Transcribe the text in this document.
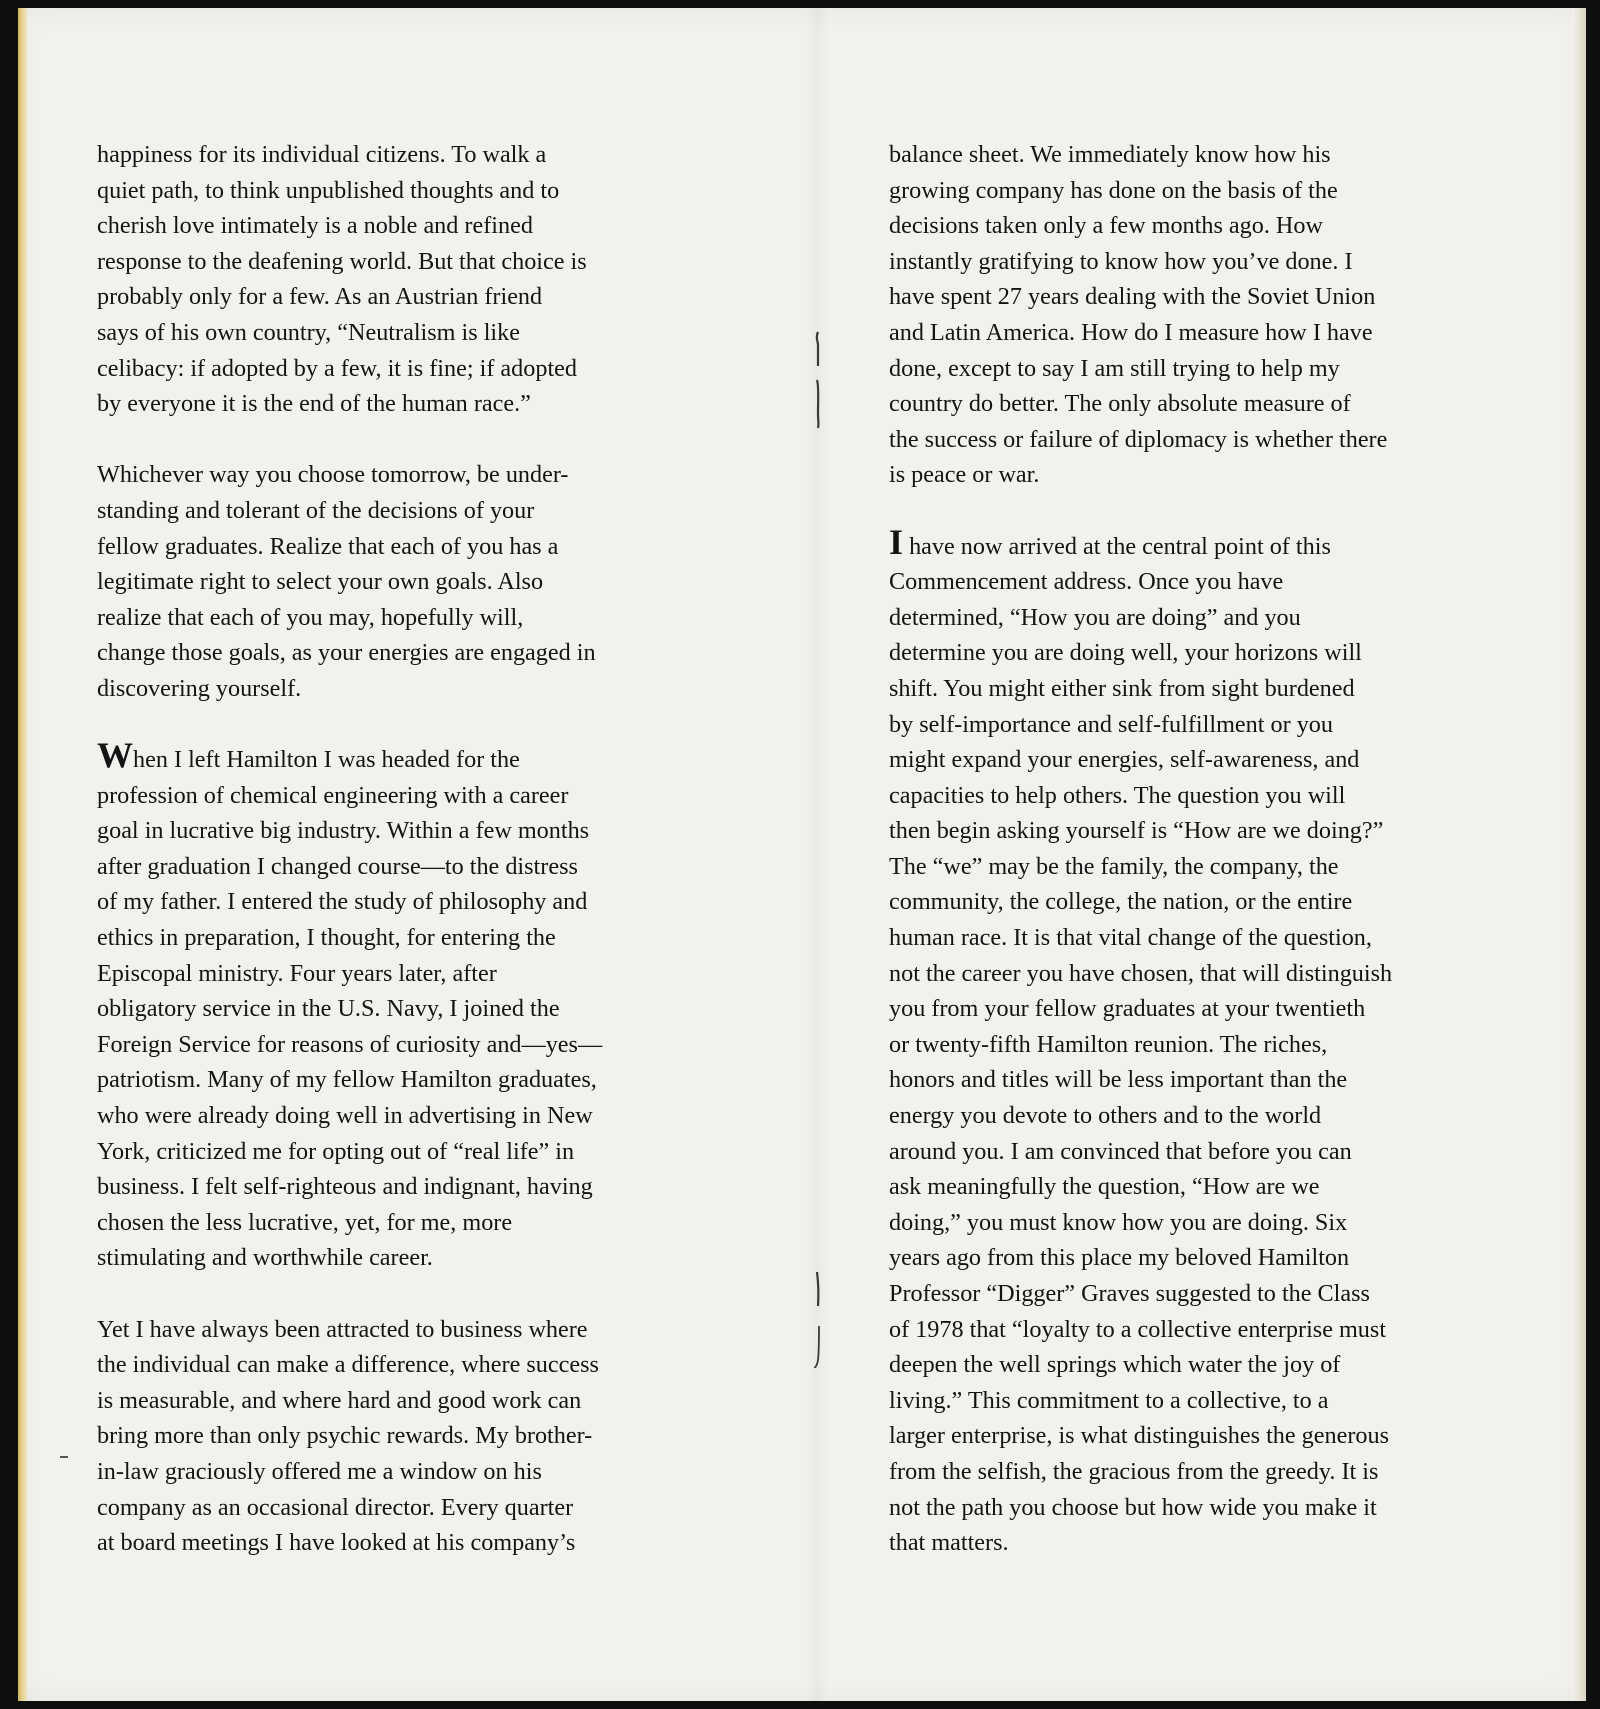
happiness for its individual citizens. To walk a
quiet path, to think unpublished thoughts and to
cherish love intimately is a noble and refined
response to the deafening world. But that choice is
probably only for a few. As an Austrian friend
says of his own country, “Neutralism is like
celibacy: if adopted by a few, it is fine; if adopted
by everyone it is the end of the human race.”

Whichever way you choose tomorrow, be under-
standing and tolerant of the decisions of your
fellow graduates. Realize that each of you has a
legitimate right to select your own goals. Also
realize that each of you may, hopefully will,
change those goals, as your energies are engaged in
discovering yourself.

When I left Hamilton I was headed for the
profession of chemical engineering with a career
goal in lucrative big industry. Within a few months
after graduation I changed course—to the distress
of my father. I entered the study of philosophy and
ethics in preparation, I thought, for entering the
Episcopal ministry. Four years later, after
obligatory service in the U.S. Navy, I joined the
Foreign Service for reasons of curiosity and—yes—
patriotism. Many of my fellow Hamilton graduates,
who were already doing well in advertising in New
York, criticized me for opting out of “real life” in
business. I felt self-righteous and indignant, having
chosen the less lucrative, yet, for me, more
stimulating and worthwhile career.

Yet I have always been attracted to business where
the individual can make a difference, where success
is measurable, and where hard and good work can
bring more than only psychic rewards. My brother-
in-law graciously offered me a window on his
company as an occasional director. Every quarter
at board meetings I have looked at his company’s

balance sheet. We immediately know how his
growing company has done on the basis of the
decisions taken only a few months ago. How
instantly gratifying to know how you’ve done. I
have spent 27 years dealing with the Soviet Union
and Latin America. How do I measure how I have
done, except to say I am still trying to help my
country do better. The only absolute measure of
the success or failure of diplomacy is whether there
is peace or war.

I have now arrived at the central point of this
Commencement address. Once you have
determined, “How you are doing” and you
determine you are doing well, your horizons will
shift. You might either sink from sight burdened
by self-importance and self-fulfillment or you
might expand your energies, self-awareness, and
capacities to help others. The question you will
then begin asking yourself is “How are we doing?”
The “we” may be the family, the company, the
community, the college, the nation, or the entire
human race. It is that vital change of the question,
not the career you have chosen, that will distinguish
you from your fellow graduates at your twentieth
or twenty-fifth Hamilton reunion. The riches,
honors and titles will be less important than the
energy you devote to others and to the world
around you. I am convinced that before you can
ask meaningfully the question, “How are we
doing,” you must know how you are doing. Six
years ago from this place my beloved Hamilton
Professor “Digger” Graves suggested to the Class
of 1978 that “loyalty to a collective enterprise must
deepen the well springs which water the joy of
living.” This commitment to a collective, to a
larger enterprise, is what distinguishes the generous
from the selfish, the gracious from the greedy. It is
not the path you choose but how wide you make it
that matters.
